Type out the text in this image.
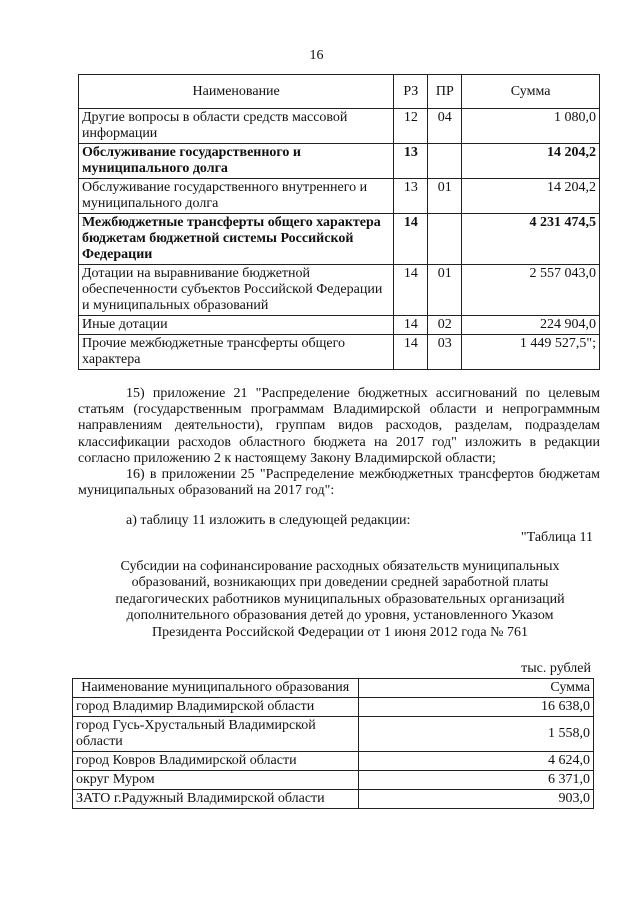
16
Наименование	РЗ	ПР	Сумма
Другие вопросы в области средств массовой информации	12	04	1 080,0
Обслуживание государственного и муниципального долга	13		14 204,2
Обслуживание государственного внутреннего и муниципального долга	13	01	14 204,2
Межбюджетные трансферты общего характера бюджетам бюджетной системы Российской Федерации	14		4 231 474,5
Дотации на выравнивание бюджетной обеспеченности субъектов Российской Федерации и муниципальных образований	14	01	2 557 043,0
Иные дотации	14	02	224 904,0
Прочие межбюджетные трансферты общего характера	14	03	1 449 527,5";

15) приложение 21 "Распределение бюджетных ассигнований по целевым статьям (государственным программам Владимирской области и непрограммным направлениям деятельности), группам видов расходов, разделам, подразделам классификации расходов областного бюджета на 2017 год" изложить в редакции согласно приложению 2 к настоящему Закону Владимирской области;

16) в приложении 25 "Распределение межбюджетных трансфертов бюджетам муниципальных образований на 2017 год":

а) таблицу 11 изложить в следующей редакции:

"Таблица 11
Субсидии на софинансирование расходных обязательств муниципальных образований, возникающих при доведении средней заработной платы педагогических работников муниципальных образовательных организаций дополнительного образования детей до уровня, установленного Указом Президента Российской Федерации от 1 июня 2012 года № 761
тыс. рублей
Наименование муниципального образования	Сумма
город Владимир Владимирской области	16 638,0
город Гусь-Хрустальный Владимирской области	1 558,0
город Ковров Владимирской области	4 624,0
округ Муром	6 371,0
ЗАТО г.Радужный Владимирской области	903,0
